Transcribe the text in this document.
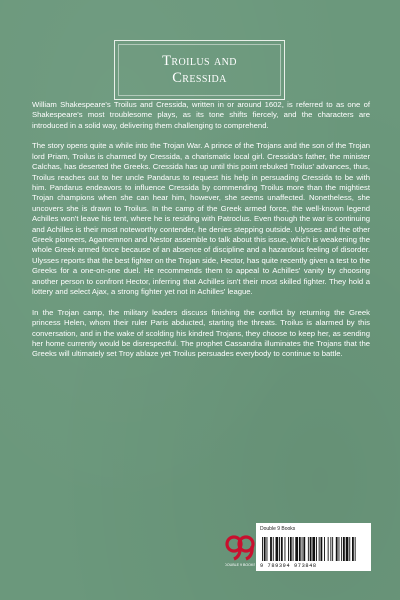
Troilus and
Cressida

William Shakespeare's Troilus and Cressida, written in or around 1602, is referred to as one of Shakespeare's most troublesome plays, as its tone shifts fiercely, and the characters are introduced in a solid way, delivering them challenging to comprehend.

The story opens quite a while into the Trojan War. A prince of the Trojans and the son of the Trojan lord Priam, Troilus is charmed by Cressida, a charismatic local girl. Cressida's father, the minister Calchas, has deserted the Greeks. Cressida has up until this point rebuked Troilus' advances, thus, Troilus reaches out to her uncle Pandarus to request his help in persuading Cressida to be with him. Pandarus endeavors to influence Cressida by commending Troilus more than the mightiest Trojan champions when she can hear him, however, she seems unaffected. Nonetheless, she uncovers she is drawn to Troilus. In the camp of the Greek armed force, the well-known legend Achilles won't leave his tent, where he is residing with Patroclus. Even though the war is continuing and Achilles is their most noteworthy contender, he denies stepping outside. Ulysses and the other Greek pioneers, Agamemnon and Nestor assemble to talk about this issue, which is weakening the whole Greek armed force because of an absence of discipline and a hazardous feeling of disorder. Ulysses reports that the best fighter on the Trojan side, Hector, has quite recently given a test to the Greeks for a one-on-one duel. He recommends them to appeal to Achilles' vanity by choosing another person to confront Hector, inferring that Achilles isn't their most skilled fighter. They hold a lottery and select Ajax, a strong fighter yet not in Achilles' league.

In the Trojan camp, the military leaders discuss finishing the conflict by returning the Greek princess Helen, whom their ruler Paris abducted, starting the threats. Troilus is alarmed by this conversation, and in the wake of scolding his kindred Trojans, they choose to keep her, as sending her home currently would be disrespectful. The prophet Cassandra illuminates the Trojans that the Greeks will ultimately set Troy ablaze yet Troilus persuades everybody to continue to battle.

DOUBLE 9 BOOKS
Double 9 Books
9 789394 973848
